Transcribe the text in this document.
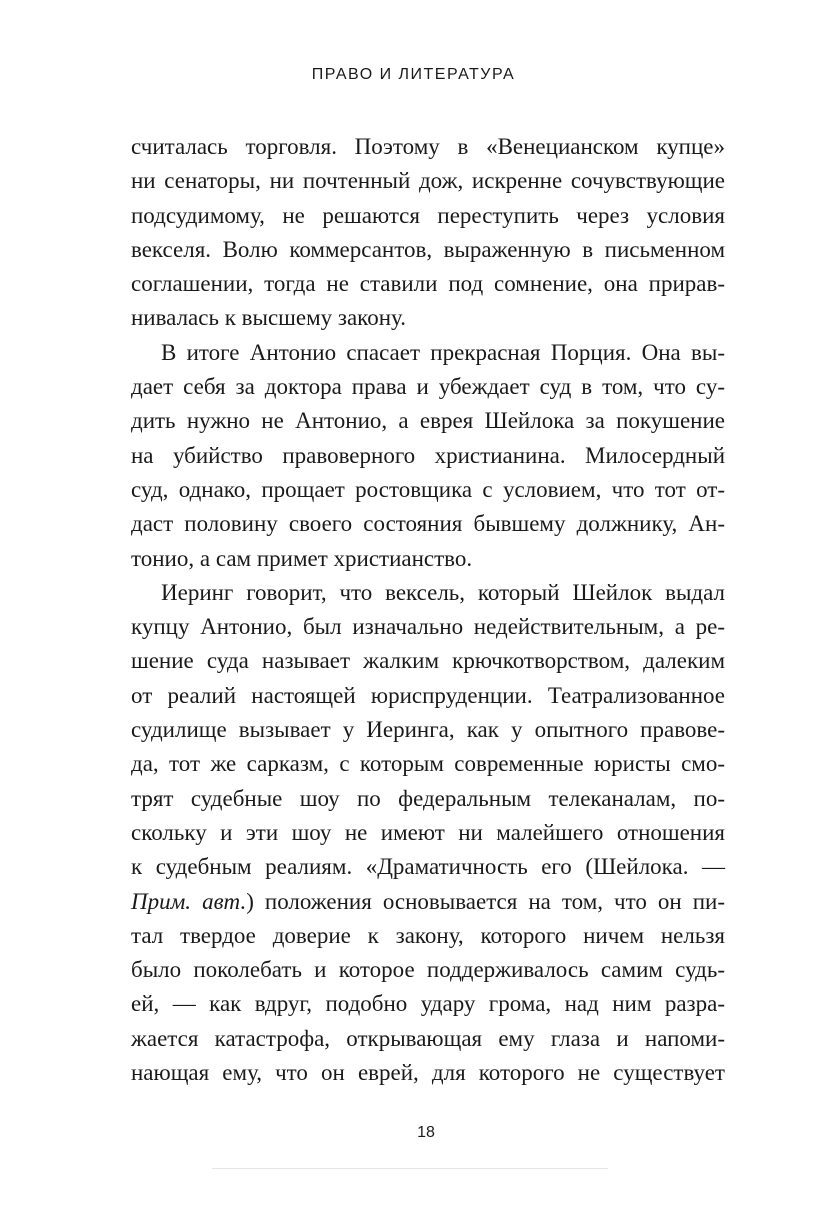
ПРАВО И ЛИТЕРАТУРА
считалась торговля. Поэтому в «Венецианском купце»
ни сенаторы, ни почтенный дож, искренне сочувствующие
подсудимому, не решаются переступить через условия
векселя. Волю коммерсантов, выраженную в письменном
соглашении, тогда не ставили под сомнение, она прирав-
нивалась к высшему закону.
В итоге Антонио спасает прекрасная Порция. Она вы-
дает себя за доктора права и убеждает суд в том, что су-
дить нужно не Антонио, а еврея Шейлока за покушение
на убийство правоверного христианина. Милосердный
суд, однако, прощает ростовщика с условием, что тот от-
даст половину своего состояния бывшему должнику, Ан-
тонио, а сам примет христианство.
Иеринг говорит, что вексель, который Шейлок выдал
купцу Антонио, был изначально недействительным, а ре-
шение суда называет жалким крючкотворством, далеким
от реалий настоящей юриспруденции. Театрализованное
судилище вызывает у Иеринга, как у опытного правове-
да, тот же сарказм, с которым современные юристы смо-
трят судебные шоу по федеральным телеканалам, по-
скольку и эти шоу не имеют ни малейшего отношения
к судебным реалиям. «Драматичность его (Шейлока. —
Прим. авт.) положения основывается на том, что он пи-
тал твердое доверие к закону, которого ничем нельзя
было поколебать и которое поддерживалось самим судь-
ей, — как вдруг, подобно удару грома, над ним разра-
жается катастрофа, открывающая ему глаза и напоми-
нающая ему, что он еврей, для которого не существует
18
